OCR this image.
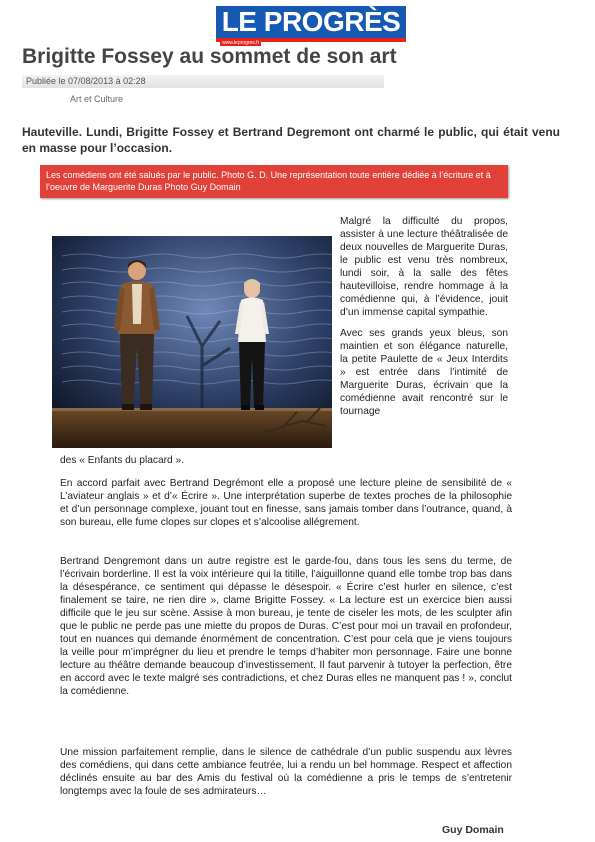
LE PROGRÈS
www.leprogres.fr
Brigitte Fossey au sommet de son art
Publiée le 07/08/2013 à 02:28
Art et Culture

Hauteville. Lundi, Brigitte Fossey et Bertrand Degremont ont charmé le public, qui était venu en masse pour l’occasion.

Les comédiens ont été salués par le public. Photo G. D. Une représentation toute entière dédiée à l’écriture et à l’oeuvre de Marguerite Duras Photo Guy Domain

Malgré la difficulté du propos, assister à une lecture théâtralisée de deux nouvelles de Marguerite Duras, le public est venu très nombreux, lundi soir, à la salle des fêtes hautevilloise, rendre hommage à la comédienne qui, à l’évidence, jouit d’un immense capital sympathie.

Avec ses grands yeux bleus, son maintien et son élégance naturelle, la petite Paulette de « Jeux Interdits » est entrée dans l’intimité de Marguerite Duras, écrivain que la comédienne avait rencontré sur le tournage

des « Enfants du placard ».

En accord parfait avec Bertrand Degrémont elle a proposé une lecture pleine de sensibilité de « L’aviateur anglais » et d’« Écrire ». Une interprétation superbe de textes proches de la philosophie et d’un personnage complexe, jouant tout en finesse, sans jamais tomber dans l’outrance, quand, à son bureau, elle fume clopes sur clopes et s’alcoolise allégrement.

Bertrand Dengremont dans un autre registre est le garde-fou, dans tous les sens du terme, de l’écrivain borderline. Il est la voix intérieure qui la titille, l’aiguillonne quand elle tombe trop bas dans la désespérance, ce sentiment qui dépasse le désespoir. « Écrire c’est hurler en silence, c’est finalement se taire, ne rien dire », clame Brigitte Fossey. « La lecture est un exercice bien aussi difficile que le jeu sur scène. Assise à mon bureau, je tente de ciseler les mots, de les sculpter afin que le public ne perde pas une miette du propos de Duras. C’est pour moi un travail en profondeur, tout en nuances qui demande énormément de concentration. C’est pour cela que je viens toujours la veille pour m’imprégner du lieu et prendre le temps d’habiter mon personnage. Faire une bonne lecture au théâtre demande beaucoup d’investissement. Il faut parvenir à tutoyer la perfection, être en accord avec le texte malgré ses contradictions, et chez Duras elles ne manquent pas ! », conclut la comédienne.

Une mission parfaitement remplie, dans le silence de cathédrale d’un public suspendu aux lèvres des comédiens, qui dans cette ambiance feutrée, lui a rendu un bel hommage. Respect et affection déclinés ensuite au bar des Amis du festival où la comédienne a pris le temps de s’entretenir longtemps avec la foule de ses admirateurs…

Guy Domain
